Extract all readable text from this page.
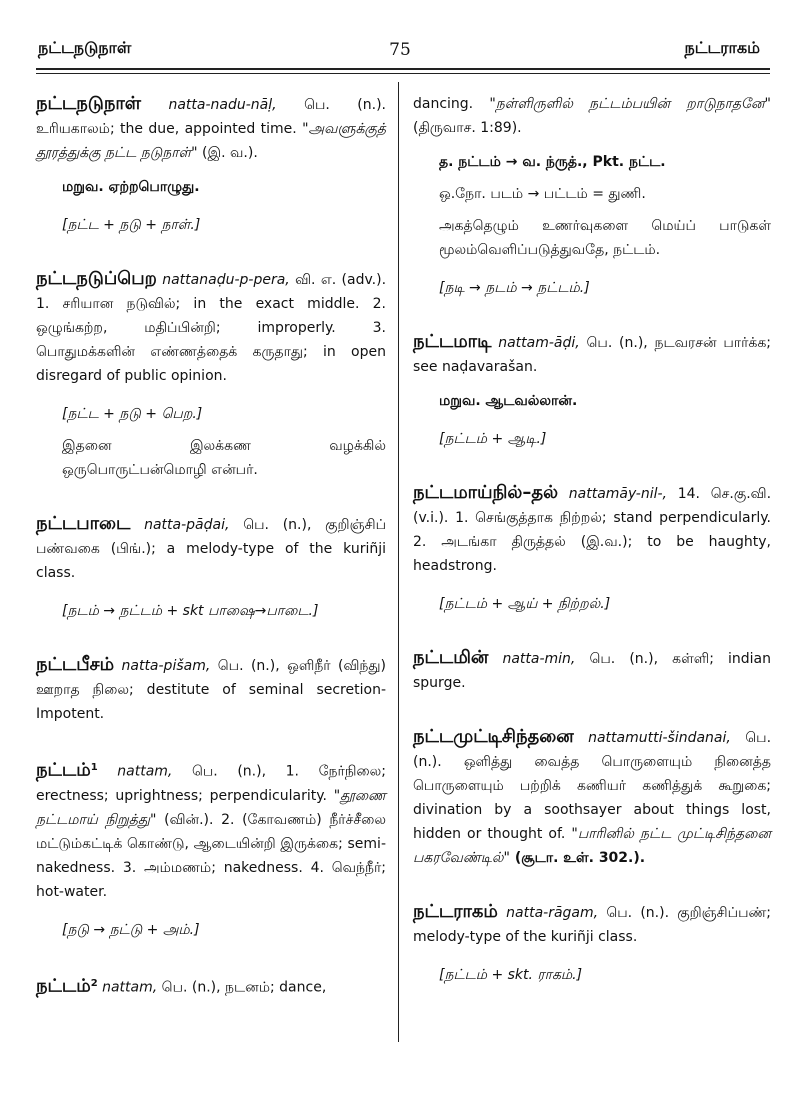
நட்டநடுநாள்	75	நட்டராகம்
நட்டநடுநாள் natta-nadu-nāḷ, பெ. (n.). உரியகாலம்; the due, appointed time. "அவளுக்குத் தூரத்துக்கு நட்ட நடுநாள்" (இ. வ.).
மறுவ. ஏற்றபொழுது.
[நட்ட + நடு + நாள்.]
நட்டநடுப்பெற nattanaḍu-p-pera, வி. எ. (adv.). 1. சரியான நடுவில்; in the exact middle. 2. ஒழுங்கற்ற, மதிப்பின்றி; improperly. 3. பொதுமக்களின் எண்ணத்தைக் கருதாது; in open disregard of public opinion.
[நட்ட + நடு + பெற.]
இதனை இலக்கண வழக்கில் ஒருபொருட்பன்மொழி என்பர்.
நட்டபாடை natta-pāḍai, பெ. (n.), குறிஞ்சிப் பண்வகை (பிங்.); a melody-type of the kuriñji class.
[நடம் → நட்டம் + skt பாஷை→பாடை.]
நட்டபீசம் natta-pišam, பெ. (n.), ஒளிநீர் (விந்து) ஊறாத நிலை; destitute of seminal secretion-Impotent.
நட்டம்$^1$ nattam, பெ. (n.), 1. நேர்நிலை; erectness; uprightness; perpendicularity. "தூணை நட்டமாய் நிறுத்து" (வின்.). 2. (கோவணம்) நீர்ச்சீலை மட்டும்கட்டிக் கொண்டு, ஆடையின்றி இருக்கை; semi-nakedness. 3. அம்மணம்; nakedness. 4. வெந்நீர்; hot-water.
[நடு → நட்டு + அம்.]
நட்டம்$^2$ nattam, பெ. (n.), நடனம்; dance,
dancing. "நள்ளிருளில் நட்டம்பயின் றாடுநாதனே" (திருவாச. 1:89).
த. நட்டம் → வ. ந்ருத்., Pkt. நட்ட.
ஒ.நோ. படம் → பட்டம் = துணி.
அகத்தெழும் உணர்வுகளை மெய்ப் பாடுகள் மூலம்வெளிப்படுத்துவதே, நட்டம்.
[நடி → நடம் → நட்டம்.]
நட்டமாடி nattam-āḍi, பெ. (n.), நடவரசன் பார்க்க; see naḍavarašan.
மறுவ. ஆடவல்லான்.
[நட்டம் + ஆடி.]
நட்டமாய்நில்–தல் nattamāy-nil-, 14. செ.கு.வி. (v.i.). 1. செங்குத்தாக நிற்றல்; stand perpendicularly. 2. அடங்கா திருத்தல் (இ.வ.); to be haughty, headstrong.
[நட்டம் + ஆய் + நிற்றல்.]
நட்டமின் natta-min, பெ. (n.), கள்ளி; indian spurge.
நட்டமுட்டிசிந்தனை nattamutti-šindanai, பெ. (n.). ஒளித்து வைத்த பொருளையும் நினைத்த பொருளையும் பற்றிக் கணியர் கணித்துக் கூறுகை; divination by a soothsayer about things lost, hidden or thought of. "பாரினில் நட்ட முட்டிசிந்தனை பகரவேண்டில்" (சூடா. உள். 302.).
நட்டராகம் natta-rāgam, பெ. (n.). குறிஞ்சிப்பண்; melody-type of the kuriñji class.
[நட்டம் + skt. ராகம்.]
